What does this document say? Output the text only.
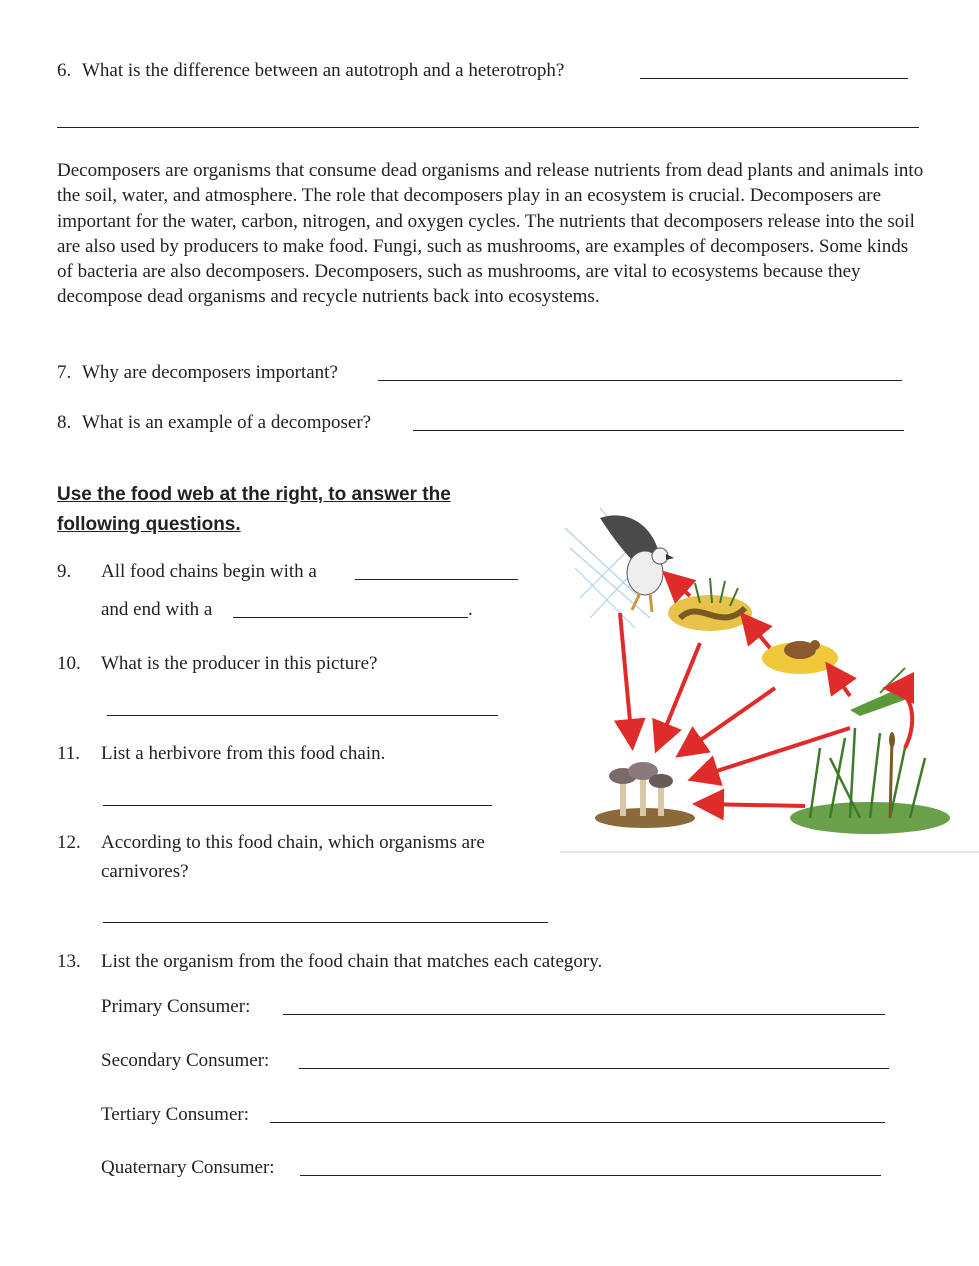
6. What is the difference between an autotroph and a heterotroph?
Decomposers are organisms that consume dead organisms and release nutrients from dead plants and animals into the soil, water, and atmosphere. The role that decomposers play in an ecosystem is crucial. Decomposers are important for the water, carbon, nitrogen, and oxygen cycles. The nutrients that decomposers release into the soil are also used by producers to make food. Fungi, such as mushrooms, are examples of decomposers. Some kinds of bacteria are also decomposers. Decomposers, such as mushrooms, are vital to ecosystems because they decompose dead organisms and recycle nutrients back into ecosystems.
7. Why are decomposers important?
8. What is an example of a decomposer?
Use the food web at the right, to answer the
following questions.
9. All food chains begin with a
and end with a	.
10. What is the producer in this picture?
11. List a herbivore from this food chain.
12. According to this food chain, which organisms are
carnivores?
13. List the organism from the food chain that matches each category.
Primary Consumer:
Secondary Consumer:
Tertiary Consumer:
Quaternary Consumer:
